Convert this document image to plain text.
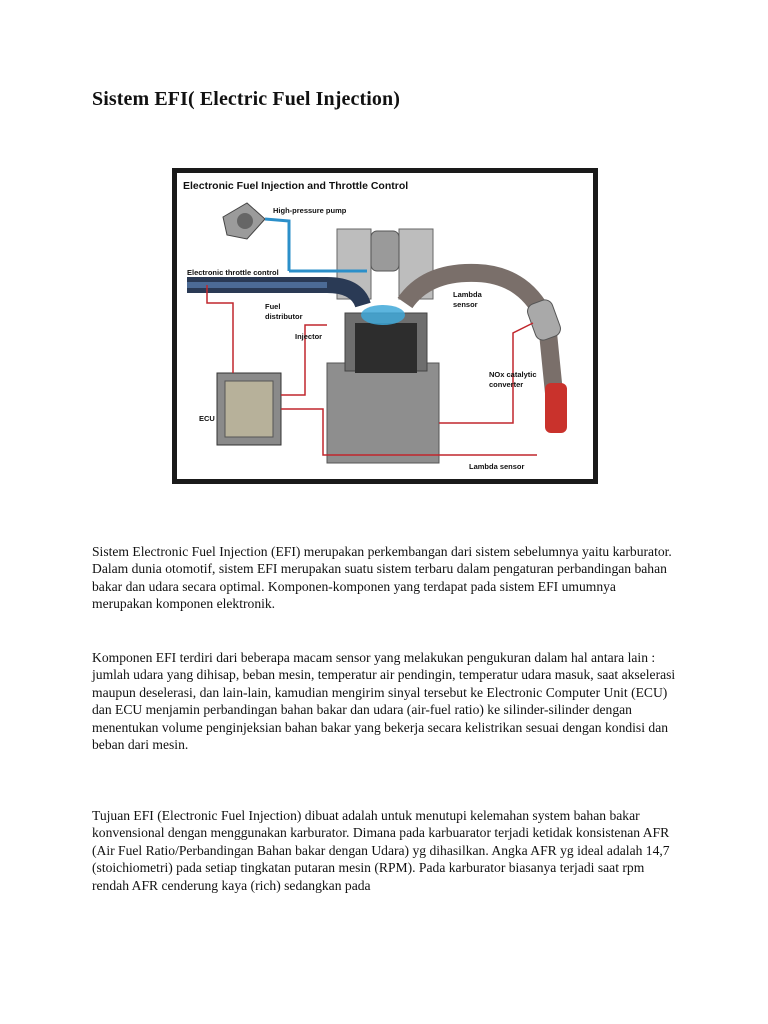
Sistem EFI( Electric Fuel Injection)
Electronic Fuel Injection and Throttle Control
High-pressure pump
Electronic throttle control
Fuel
distributor
Injector
Lambda
sensor
NOx catalytic
converter
ECU
Lambda sensor

Sistem Electronic Fuel Injection (EFI) merupakan perkembangan dari sistem sebelumnya yaitu karburator. Dalam dunia otomotif, sistem EFI merupakan suatu sistem terbaru dalam pengaturan perbandingan bahan bakar dan udara secara optimal. Komponen-komponen yang terdapat pada sistem EFI umumnya merupakan komponen elektronik.

Komponen EFI terdiri dari beberapa macam sensor yang melakukan pengukuran dalam hal antara lain : jumlah udara yang dihisap, beban mesin, temperatur air pendingin, temperatur udara masuk, saat akselerasi maupun deselerasi, dan lain-lain, kamudian mengirim sinyal tersebut ke Electronic Computer Unit (ECU) dan ECU menjamin perbandingan bahan bakar dan udara (air-fuel ratio) ke silinder-silinder dengan menentukan volume penginjeksian bahan bakar yang bekerja secara kelistrikan sesuai dengan kondisi dan beban dari mesin.

Tujuan EFI (Electronic Fuel Injection) dibuat adalah untuk menutupi kelemahan system bahan bakar konvensional dengan menggunakan karburator. Dimana pada karbuarator terjadi ketidak konsistenan AFR (Air Fuel Ratio/Perbandingan Bahan bakar dengan Udara) yg dihasilkan. Angka AFR yg ideal adalah 14,7 (stoichiometri) pada setiap tingkatan putaran mesin (RPM). Pada karburator biasanya terjadi saat rpm rendah AFR cenderung kaya (rich) sedangkan pada
